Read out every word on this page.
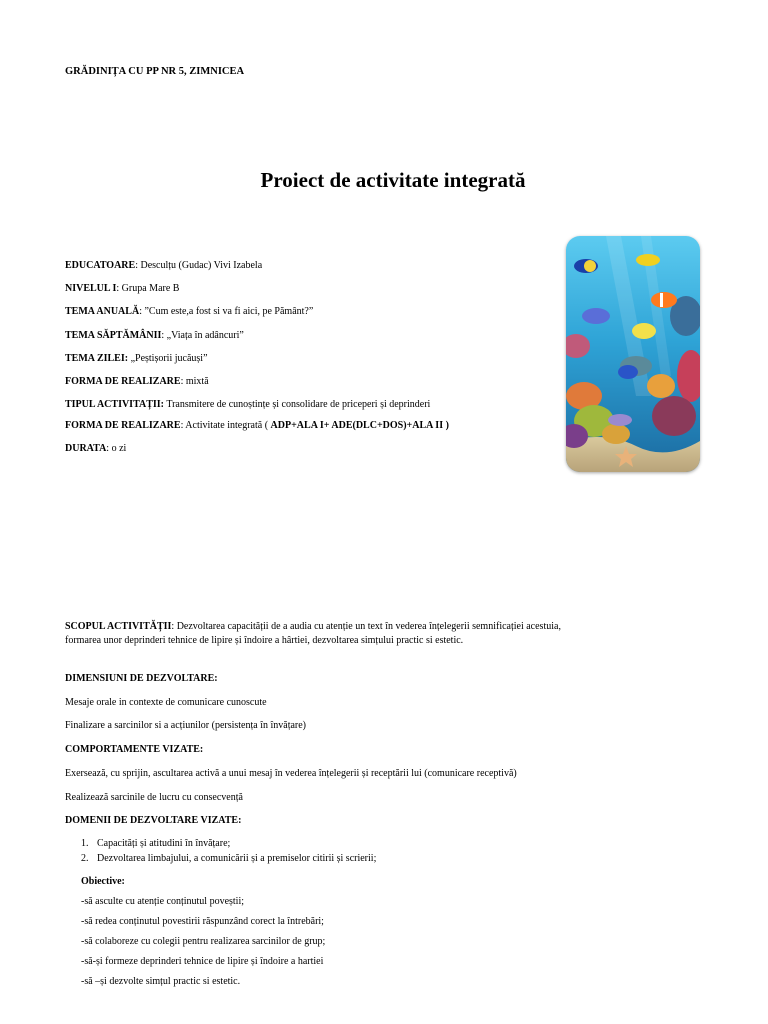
GRĂDINIȚA CU PP NR 5, ZIMNICEA
Proiect de activitate integrată
EDUCATOARE: Desculțu (Gudac) Vivi Izabela
NIVELUL I: Grupa Mare B
TEMA ANUALĂ: ”Cum este,a fost si va fi aici, pe Pământ?”
TEMA SĂPTĂMÂNII: „Viața în adâncuri”
TEMA ZILEI: „Peștișorii jucăuși”
FORMA DE REALIZARE: mixtă
TIPUL ACTIVITAȚII: Transmitere de cunoștințe și consolidare de priceperi și deprinderi
FORMA DE REALIZARE: Activitate integrată ( ADP+ALA I+ ADE(DLC+DOS)+ALA II )
DURATA: o zi
SCOPUL ACTIVITĂȚII: Dezvoltarea capacității de a audia cu atenție un text în vederea înțelegerii semnificației acestuia,
formarea unor deprinderi tehnice de lipire și îndoire a hârtiei, dezvoltarea simțului practic si estetic.
DIMENSIUNI DE DEZVOLTARE:
Mesaje orale in contexte de comunicare cunoscute
Finalizare a sarcinilor si a acțiunilor (persistența în învățare)
COMPORTAMENTE VIZATE:
Exersează, cu sprijin, ascultarea activă a unui mesaj în vederea înțelegerii și receptării lui (comunicare receptivă)
Realizează sarcinile de lucru cu consecvență
DOMENII DE DEZVOLTARE VIZATE:
1. Capacități și atitudini în învățare;
2. Dezvoltarea limbajului, a comunicării și a premiselor citirii și scrierii;
Obiective:
-să asculte cu atenție conținutul poveștii;
-să redea conținutul povestirii răspunzând corect la întrebări;
-să colaboreze cu colegii pentru realizarea sarcinilor de grup;
-să-și formeze deprinderi tehnice de lipire și îndoire a hartiei
-să –și dezvolte simțul practic si estetic.
